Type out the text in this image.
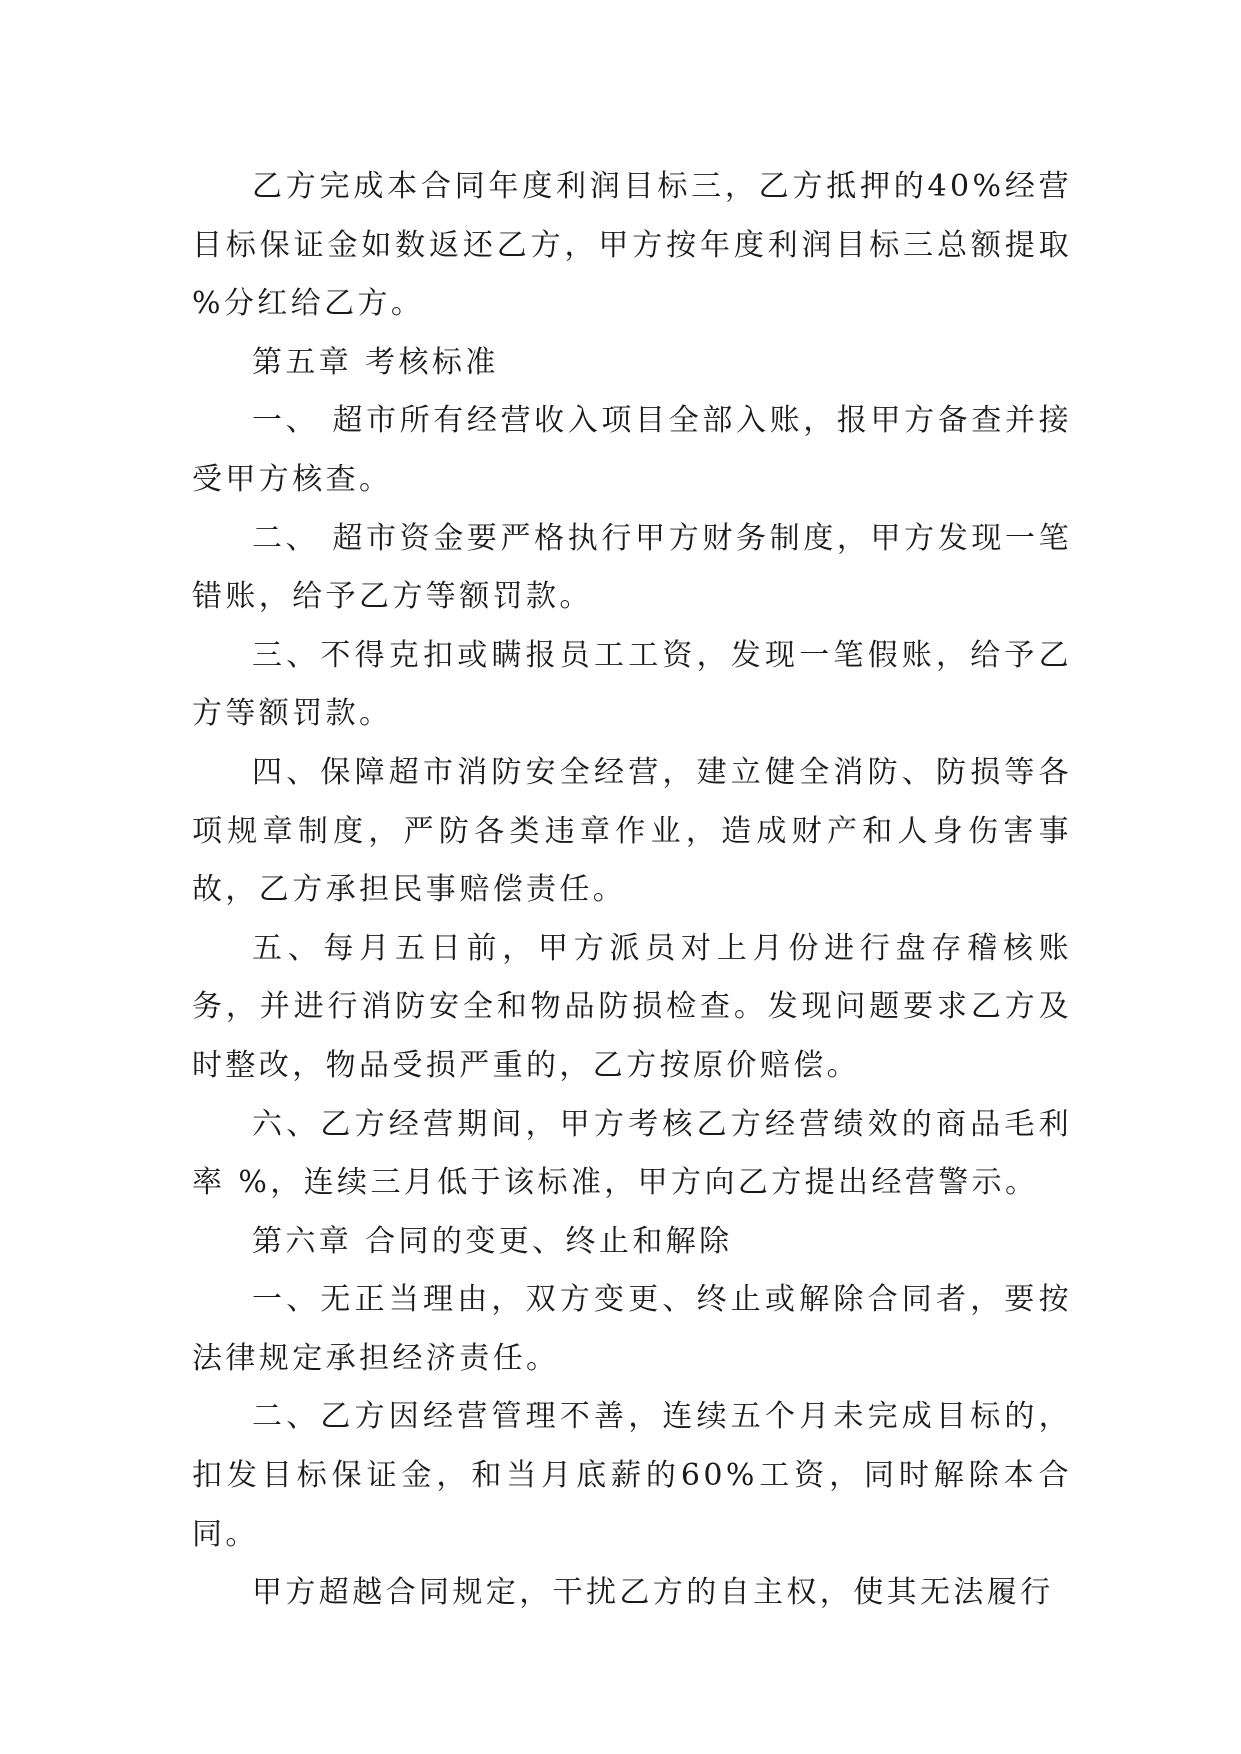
乙方完成本合同年度利润目标三，乙方抵押的40%经营目标保证金如数返还乙方，甲方按年度利润目标三总额提取 %分红给乙方。

第五章 考核标准

一、 超市所有经营收入项目全部入账，报甲方备查并接受甲方核查。

二、 超市资金要严格执行甲方财务制度，甲方发现一笔错账，给予乙方等额罚款。

三、不得克扣或瞒报员工工资，发现一笔假账，给予乙方等额罚款。

四、保障超市消防安全经营，建立健全消防、防损等各项规章制度，严防各类违章作业，造成财产和人身伤害事故，乙方承担民事赔偿责任。

五、每月五日前，甲方派员对上月份进行盘存稽核账务，并进行消防安全和物品防损检查。发现问题要求乙方及时整改，物品受损严重的，乙方按原价赔偿。

六、乙方经营期间，甲方考核乙方经营绩效的商品毛利率 %，连续三月低于该标准，甲方向乙方提出经营警示。

第六章 合同的变更、终止和解除

一、无正当理由，双方变更、终止或解除合同者，要按法律规定承担经济责任。

二、乙方因经营管理不善，连续五个月未完成目标的，扣发目标保证金，和当月底薪的60%工资，同时解除本合同。

甲方超越合同规定，干扰乙方的自主权，使其无法履行
